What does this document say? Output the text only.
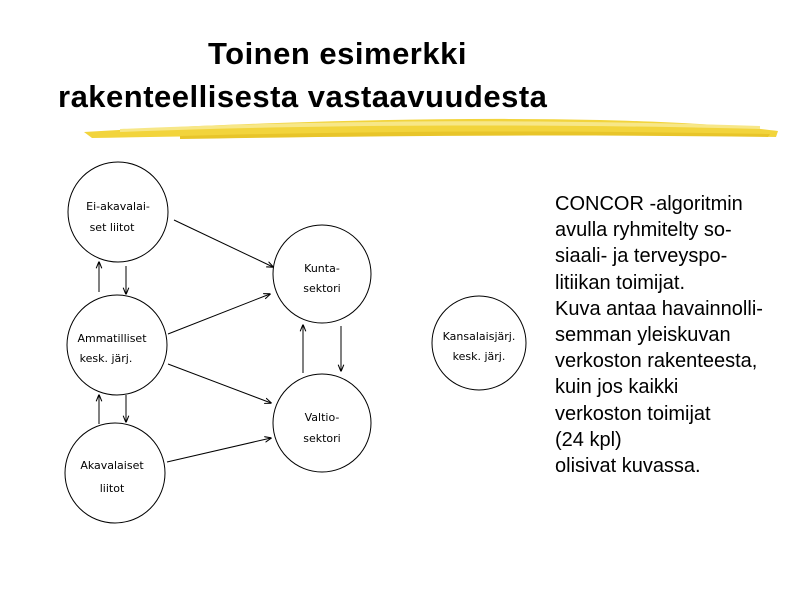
Toinen esimerkki
rakenteellisesta vastaavuudesta
Ei-akavalai-
set liitot
Ammatilliset
kesk. järj.
Akavalaiset
liitot
Kunta-
sektori
Valtio-
sektori
Kansalaisjärj.
kesk. järj.
CONCOR -algoritmin
avulla ryhmitelty so-
siaali- ja terveyspo-
litiikan toimijat.
Kuva antaa havainnolli-
semman yleiskuvan
verkoston rakenteesta,
kuin jos kaikki
verkoston toimijat
(24 kpl)
olisivat kuvassa.
